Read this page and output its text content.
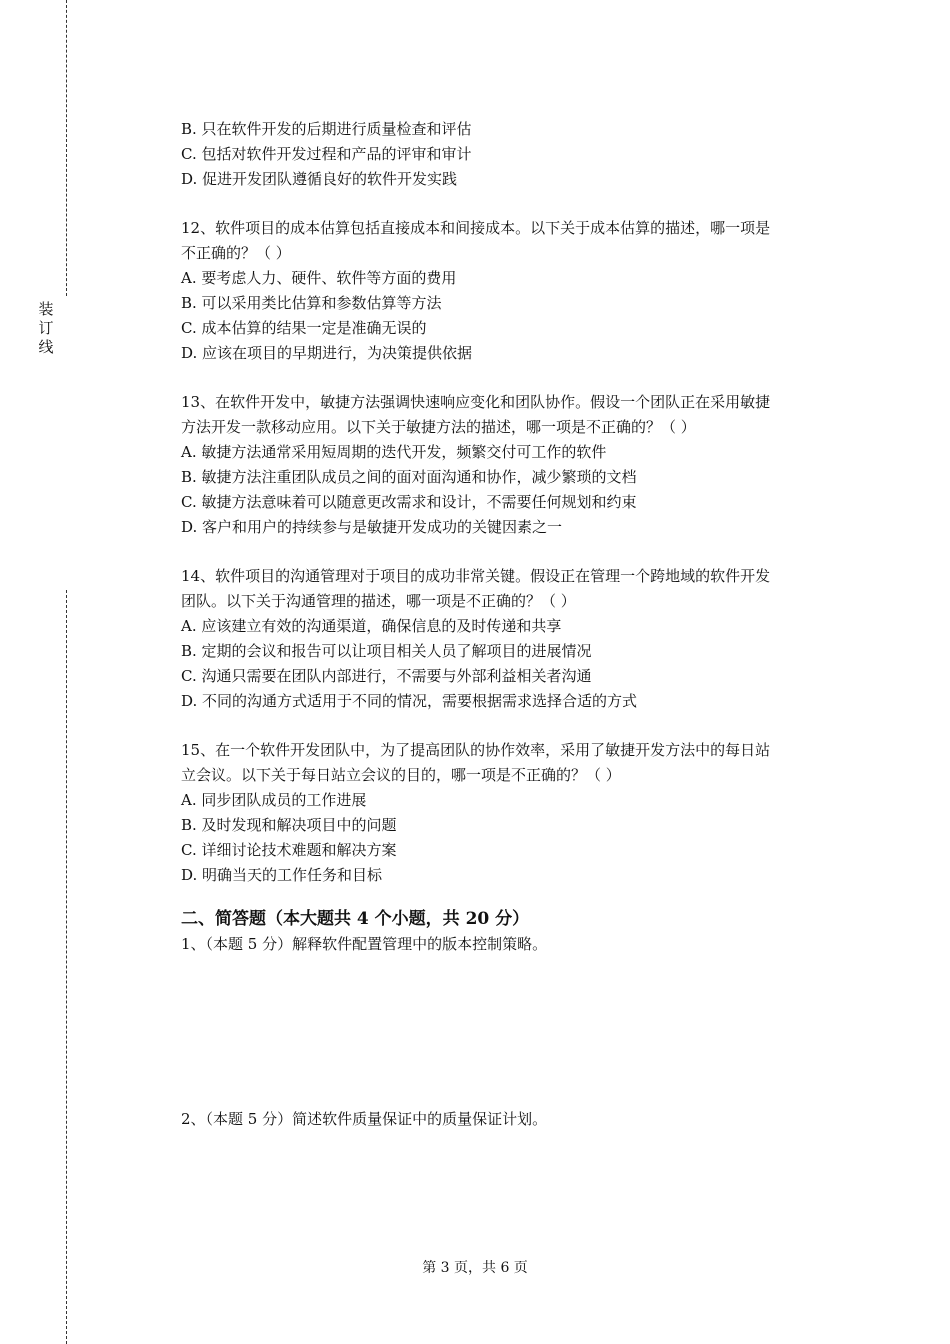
装
订
线
B. 只在软件开发的后期进行质量检查和评估
C. 包括对软件开发过程和产品的评审和审计
D. 促进开发团队遵循良好的软件开发实践
12、软件项目的成本估算包括直接成本和间接成本。以下关于成本估算的描述，哪一项是
不正确的？（ ）
A. 要考虑人力、硬件、软件等方面的费用
B. 可以采用类比估算和参数估算等方法
C. 成本估算的结果一定是准确无误的
D. 应该在项目的早期进行，为决策提供依据
13、在软件开发中，敏捷方法强调快速响应变化和团队协作。假设一个团队正在采用敏捷
方法开发一款移动应用。以下关于敏捷方法的描述，哪一项是不正确的？（ ）
A. 敏捷方法通常采用短周期的迭代开发，频繁交付可工作的软件
B. 敏捷方法注重团队成员之间的面对面沟通和协作，减少繁琐的文档
C. 敏捷方法意味着可以随意更改需求和设计，不需要任何规划和约束
D. 客户和用户的持续参与是敏捷开发成功的关键因素之一
14、软件项目的沟通管理对于项目的成功非常关键。假设正在管理一个跨地域的软件开发
团队。以下关于沟通管理的描述，哪一项是不正确的？（ ）
A. 应该建立有效的沟通渠道，确保信息的及时传递和共享
B. 定期的会议和报告可以让项目相关人员了解项目的进展情况
C. 沟通只需要在团队内部进行，不需要与外部利益相关者沟通
D. 不同的沟通方式适用于不同的情况，需要根据需求选择合适的方式
15、在一个软件开发团队中，为了提高团队的协作效率，采用了敏捷开发方法中的每日站
立会议。以下关于每日站立会议的目的，哪一项是不正确的？（ ）
A. 同步团队成员的工作进展
B. 及时发现和解决项目中的问题
C. 详细讨论技术难题和解决方案
D. 明确当天的工作任务和目标
二、简答题（本大题共 4 个小题，共 20 分）
1、（本题 5 分）解释软件配置管理中的版本控制策略。
2、（本题 5 分）简述软件质量保证中的质量保证计划。
第 3 页，共 6 页
